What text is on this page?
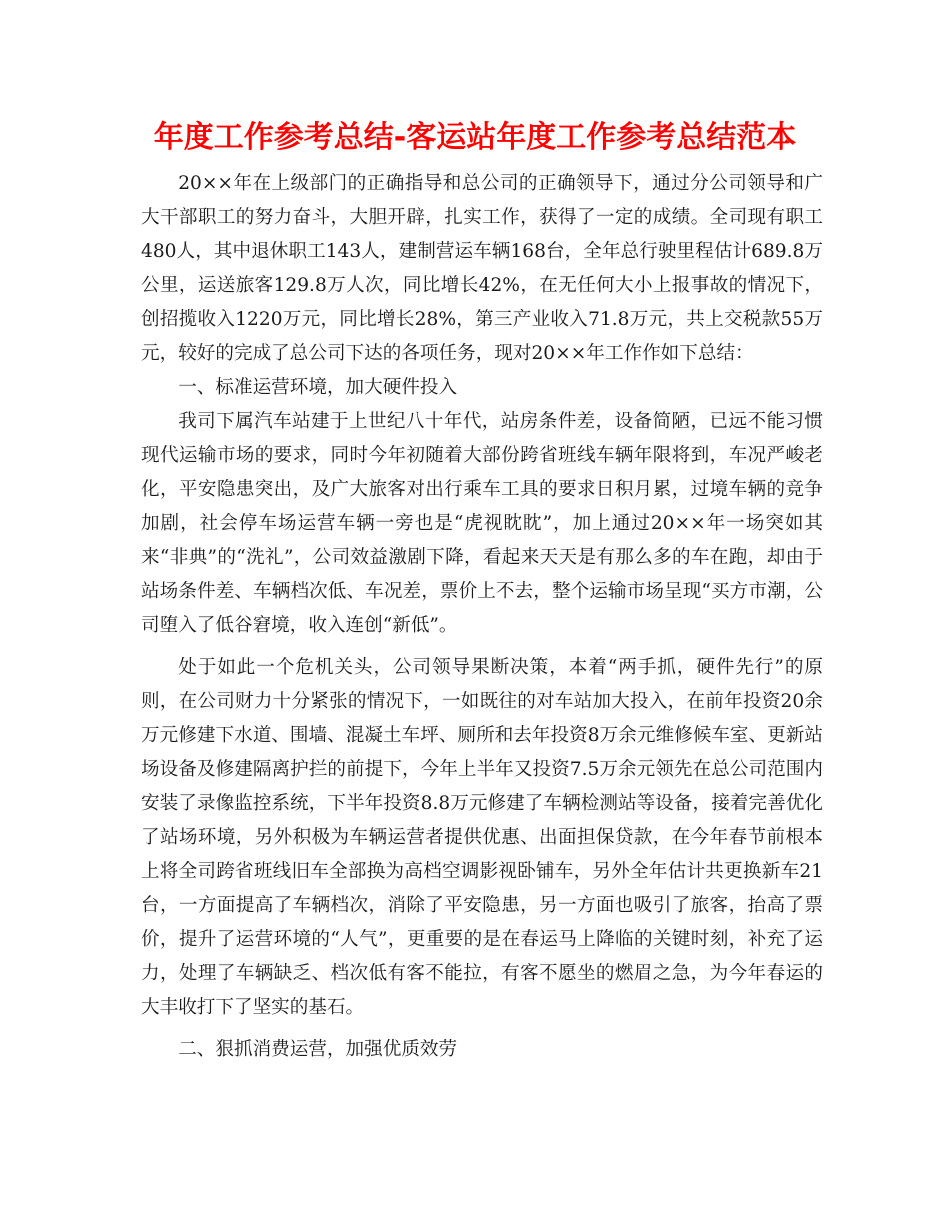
年度工作参考总结-客运站年度工作参考总结范本

20××年在上级部门的正确指导和总公司的正确领导下，通过分公司领导和广大干部职工的努力奋斗，大胆开辟，扎实工作，获得了一定的成绩。全司现有职工480人，其中退休职工143人，建制营运车辆168台，全年总行驶里程估计689.8万公里，运送旅客129.8万人次，同比增长42%，在无任何大小上报事故的情况下，创招揽收入1220万元，同比增长28%，第三产业收入71.8万元，共上交税款55万元，较好的完成了总公司下达的各项任务，现对20××年工作作如下总结：

一、标准运营环境，加大硬件投入

我司下属汽车站建于上世纪八十年代，站房条件差，设备简陋，已远不能习惯现代运输市场的要求，同时今年初随着大部份跨省班线车辆年限将到，车况严峻老化，平安隐患突出，及广大旅客对出行乘车工具的要求日积月累，过境车辆的竞争加剧，社会停车场运营车辆一旁也是“虎视眈眈”，加上通过20××年一场突如其来“非典”的“洗礼”，公司效益激剧下降，看起来天天是有那么多的车在跑，却由于站场条件差、车辆档次低、车况差，票价上不去，整个运输市场呈现“买方市潮，公司堕入了低谷窘境，收入连创“新低”。

处于如此一个危机关头，公司领导果断决策，本着“两手抓，硬件先行”的原则，在公司财力十分紧张的情况下，一如既往的对车站加大投入，在前年投资20余万元修建下水道、围墙、混凝土车坪、厕所和去年投资8万余元维修候车室、更新站场设备及修建隔离护拦的前提下，今年上半年又投资7.5万余元领先在总公司范围内安装了录像监控系统，下半年投资8.8万元修建了车辆检测站等设备，接着完善优化了站场环境，另外积极为车辆运营者提供优惠、出面担保贷款，在今年春节前根本上将全司跨省班线旧车全部换为高档空调影视卧铺车，另外全年估计共更换新车21台，一方面提高了车辆档次，消除了平安隐患，另一方面也吸引了旅客，抬高了票价，提升了运营环境的“人气”，更重要的是在春运马上降临的关键时刻，补充了运力，处理了车辆缺乏、档次低有客不能拉，有客不愿坐的燃眉之急，为今年春运的大丰收打下了坚实的基石。

二、狠抓消费运营，加强优质效劳
